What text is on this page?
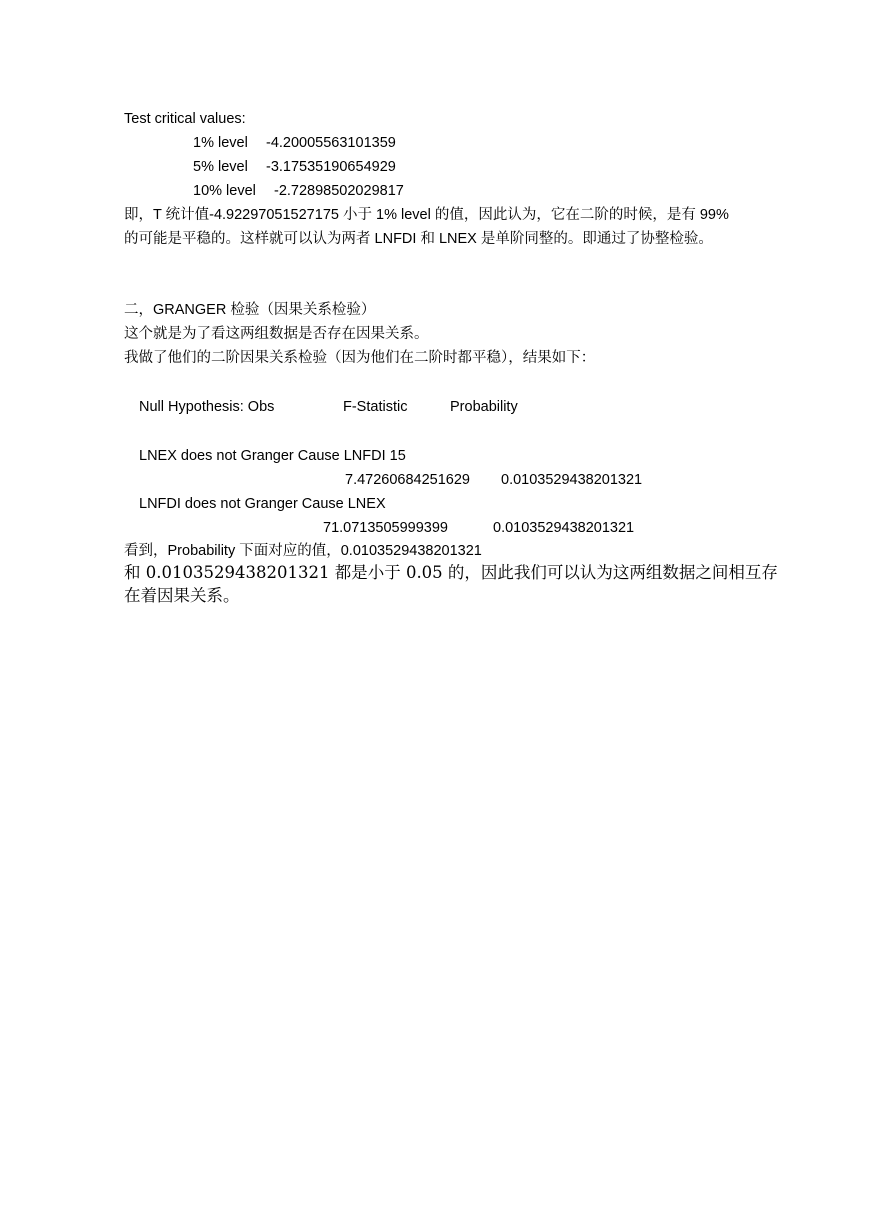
Test critical values:
1% level -4.20005563101359
5% level -3.17535190654929
10% level -2.72898502029817
即，T 统计值-4.92297051527175 小于 1% level 的值，因此认为，它在二阶的时候，是有 99%
的可能是平稳的。这样就可以认为两者 LNFDI 和 LNEX 是单阶同整的。即通过了协整检验。
二，GRANGER 检验（因果关系检验）
这个就是为了看这两组数据是否存在因果关系。
我做了他们的二阶因果关系检验（因为他们在二阶时都平稳），结果如下：
Null Hypothesis: Obs	F-Statistic	Probability
LNEX does not Granger Cause LNFDI 15
7.47260684251629 0.0103529438201321
LNFDI does not Granger Cause LNEX
71.0713505999399	0.0103529438201321
看到，Probability 下面对应的值，0.0103529438201321
和 0.0103529438201321 都是小于 0.05 的，因此我们可以认为这两组数据之间相互存
在着因果关系。
